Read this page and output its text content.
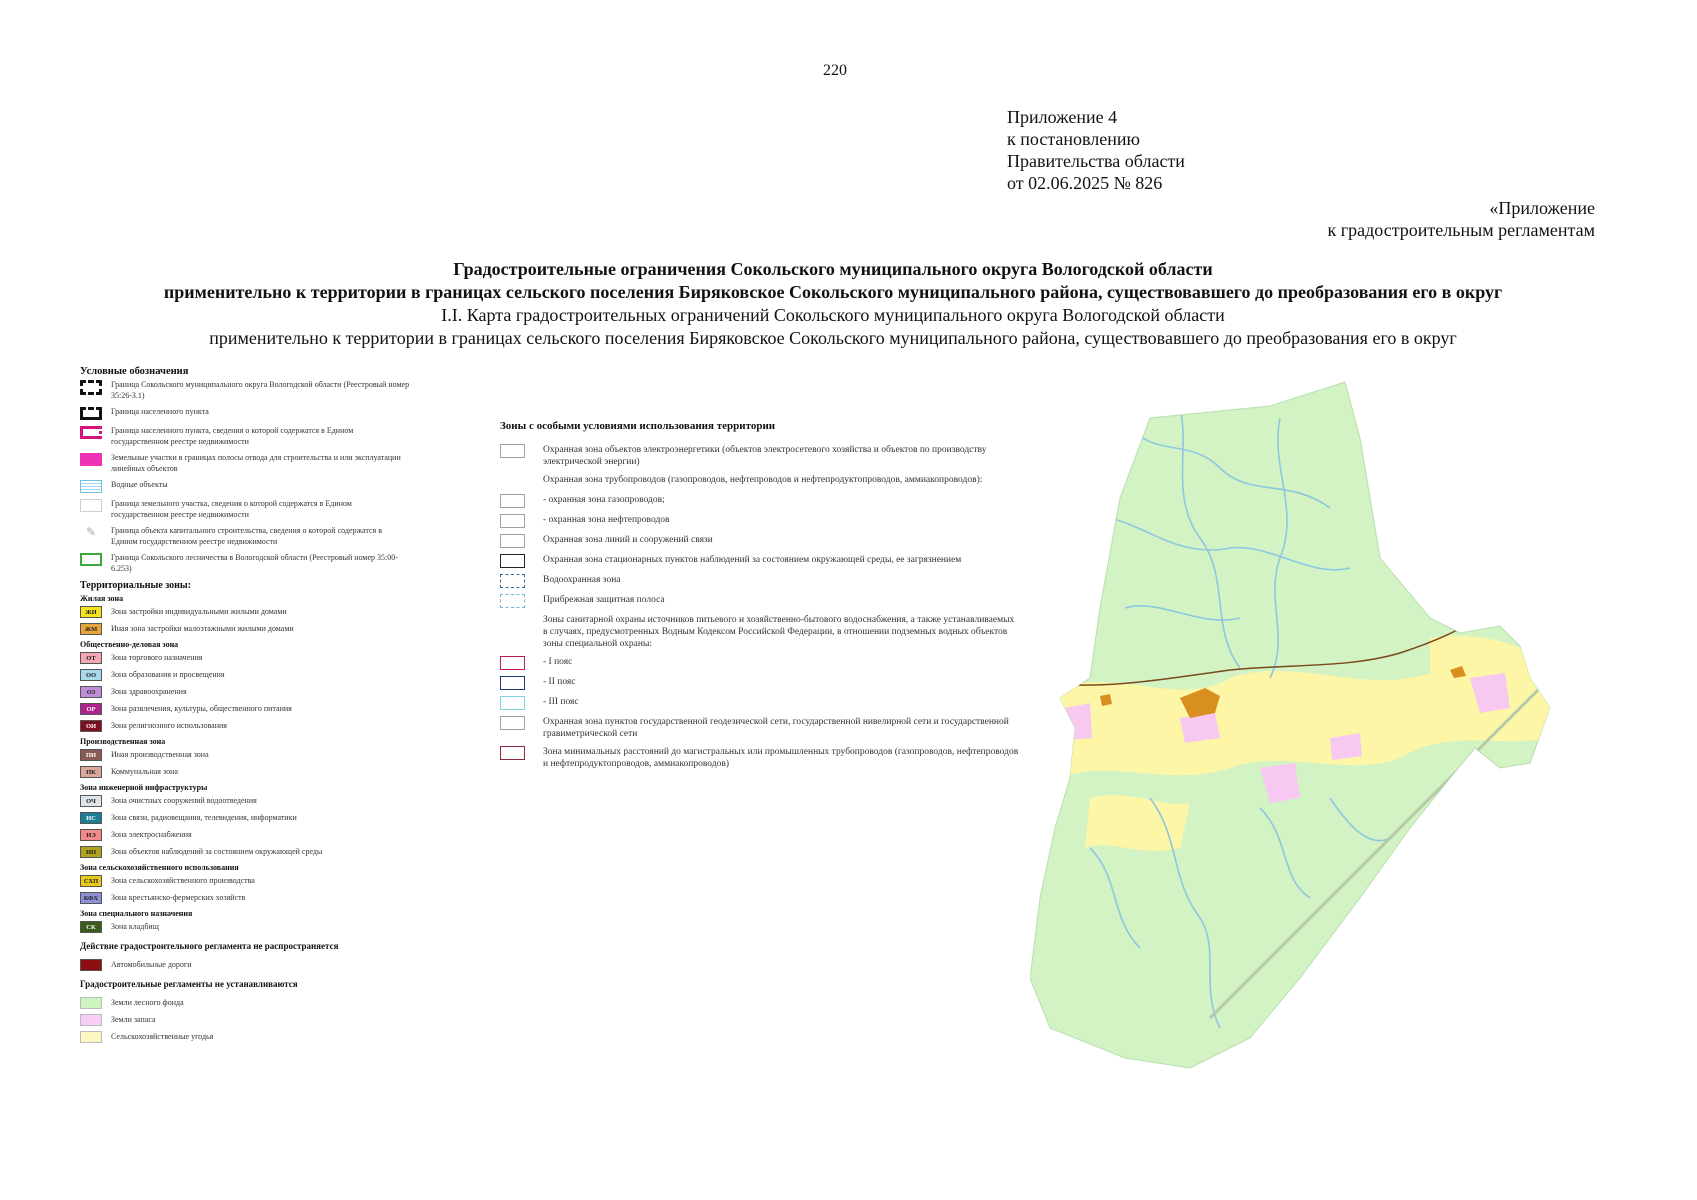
220
Приложение 4
к постановлению
Правительства области
от 02.06.2025 № 826
«Приложение
к градостроительным регламентам
Градостроительные ограничения Сокольского муниципального округа Вологодской области
применительно к территории в границах сельского поселения Биряковское Сокольского муниципального района, существовавшего до преобразования его в округ
I.I. Карта градостроительных ограничений Сокольского муниципального округа Вологодской области
применительно к территории в границах сельского поселения Биряковское Сокольского муниципального района, существовавшего до преобразования его в округ
Условные обозначения
Граница Сокольского муниципального округа Вологодской области (Реестровый номер 35:26-3.1)
Граница населенного пункта
Граница населенного пункта, сведения о которой содержатся в Едином государственном реестре недвижимости
Земельные участки в границах полосы отвода для строительства и или эксплуатации линейных объектов
Водные объекты
Граница земельного участка, сведения о которой содержатся в Едином государственном реестре недвижимости
✎	Граница объекта капитального строительства, сведения о которой содержатся в Едином государственном реестре недвижимости
Граница Сокольского лесничества в Вологодской области (Реестровый номер 35:00-6.253)
Территориальные зоны:
Жилая зона
ЖИ Зона застройки индивидуальными жилыми домами
ЖМ Иная зона застройки малоэтажными жилыми домами
Общественно-деловая зона
ОТ Зона торгового назначения
ОО Зона образования и просвещения
ОЗ Зона здравоохранения
ОР Зона развлечения, культуры, общественного питания
ОИ Зона религиозного использования
Производственная зона
ПИ Иная производственная зона
ПК Коммунальная зона
Зона инженерной инфраструктуры
ОЧ Зона очистных сооружений водоотведения
ИС Зона связи, радиовещания, телевидения, информатики
ИЭ Зона электроснабжения
ИН Зона объектов наблюдений за состоянием окружающей среды
Зона сельскохозяйственного использования
СХП Зона сельскохозяйственного производства
КФХ Зона крестьянско-фермерских хозяйств
Зона специального назначения
СК Зона кладбищ
Действие градостроительного регламента не распространяется
Автомобильные дороги
Градостроительные регламенты не устанавливаются
Земли лесного фонда
Земли запаса
Сельскохозяйственные угодья
Зоны с особыми условиями использования территории
Охранная зона объектов электроэнергетики (объектов электросетевого хозяйства и объектов по производству электрической энергии)
Охранная зона трубопроводов (газопроводов, нефтепроводов и нефтепродуктопроводов, аммиакопроводов):
- охранная зона газопроводов;
- охранная зона нефтепроводов
Охранная зона линий и сооружений связи
Охранная зона стационарных пунктов наблюдений за состоянием окружающей среды, ее загрязнением
Водоохранная зона
Прибрежная защитная полоса
Зоны санитарной охраны источников питьевого и хозяйственно-бытового водоснабжения, а также устанавливаемых в случаях, предусмотренных Водным Кодексом Российской Федерации, в отношении подземных водных объектов зоны специальной охраны:
- I пояс
- II пояс
- III пояс
Охранная зона пунктов государственной геодезической сети, государственной нивелирной сети и государственной гравиметрической сети
Зона минимальных расстояний до магистральных или промышленных трубопроводов (газопроводов, нефтепроводов и нефтепродуктопроводов, аммиакопроводов)
